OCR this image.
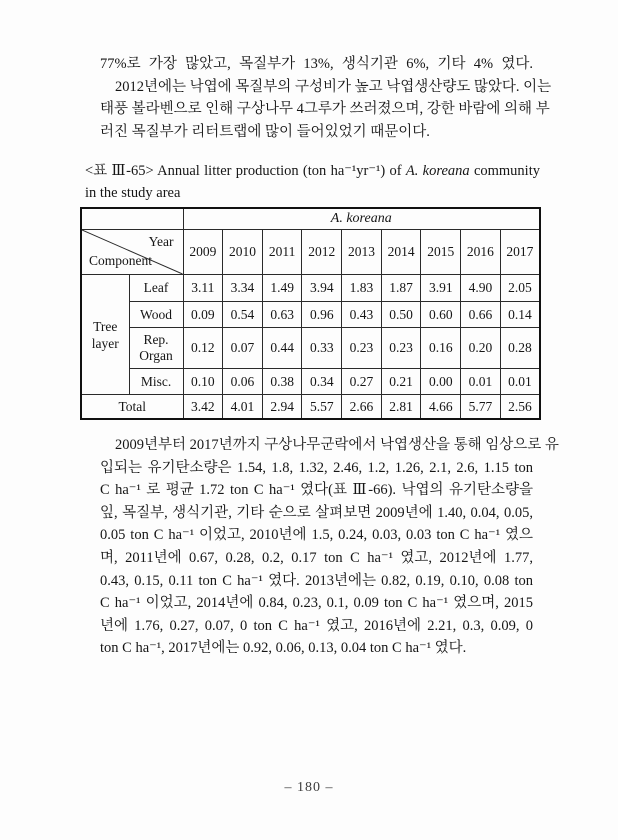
77%로 가장 많았고, 목질부가 13%, 생식기관 6%, 기타 4% 였다.
2012년에는 낙엽에 목질부의 구성비가 높고 낙엽생산량도 많았다. 이는
태풍 볼라벤으로 인해 구상나무 4그루가 쓰러졌으며, 강한 바람에 의해 부
러진 목질부가 리터트랩에 많이 들어있었기 때문이다.
<표 Ⅲ-65> Annual litter production (ton ha⁻¹yr⁻¹) of A. koreana community in the study area
		A. koreana								

Year
Component		2009	2010	2011	2012	2013	2014	2015	2016	2017
Tree layer	Leaf	3.11	3.34	1.49	3.94	1.83	1.87	3.91	4.90	2.05
	Wood	0.09	0.54	0.63	0.96	0.43	0.50	0.60	0.66	0.14
	Rep. Organ	0.12	0.07	0.44	0.33	0.23	0.23	0.16	0.20	0.28
	Misc.	0.10	0.06	0.38	0.34	0.27	0.21	0.00	0.01	0.01
Total		3.42	4.01	2.94	5.57	2.66	2.81	4.66	5.77	2.56
2009년부터 2017년까지 구상나무군락에서 낙엽생산을 통해 임상으로 유
입되는 유기탄소량은 1.54, 1.8, 1.32, 2.46, 1.2, 1.26, 2.1, 2.6, 1.15 ton
C ha⁻¹ 로 평균 1.72 ton C ha⁻¹ 였다(표 Ⅲ-66). 낙엽의 유기탄소량을
잎, 목질부, 생식기관, 기타 순으로 살펴보면 2009년에 1.40, 0.04, 0.05,
0.05 ton C ha⁻¹ 이었고, 2010년에 1.5, 0.24, 0.03, 0.03 ton C ha⁻¹ 였으
며, 2011년에 0.67, 0.28, 0.2, 0.17 ton C ha⁻¹ 였고, 2012년에 1.77,
0.43, 0.15, 0.11 ton C ha⁻¹ 였다. 2013년에는 0.82, 0.19, 0.10, 0.08 ton
C ha⁻¹ 이었고, 2014년에 0.84, 0.23, 0.1, 0.09 ton C ha⁻¹ 였으며, 2015
년에 1.76, 0.27, 0.07, 0 ton C ha⁻¹ 였고, 2016년에 2.21, 0.3, 0.09, 0
ton C ha⁻¹, 2017년에는 0.92, 0.06, 0.13, 0.04 ton C ha⁻¹ 였다.
– 180 –
